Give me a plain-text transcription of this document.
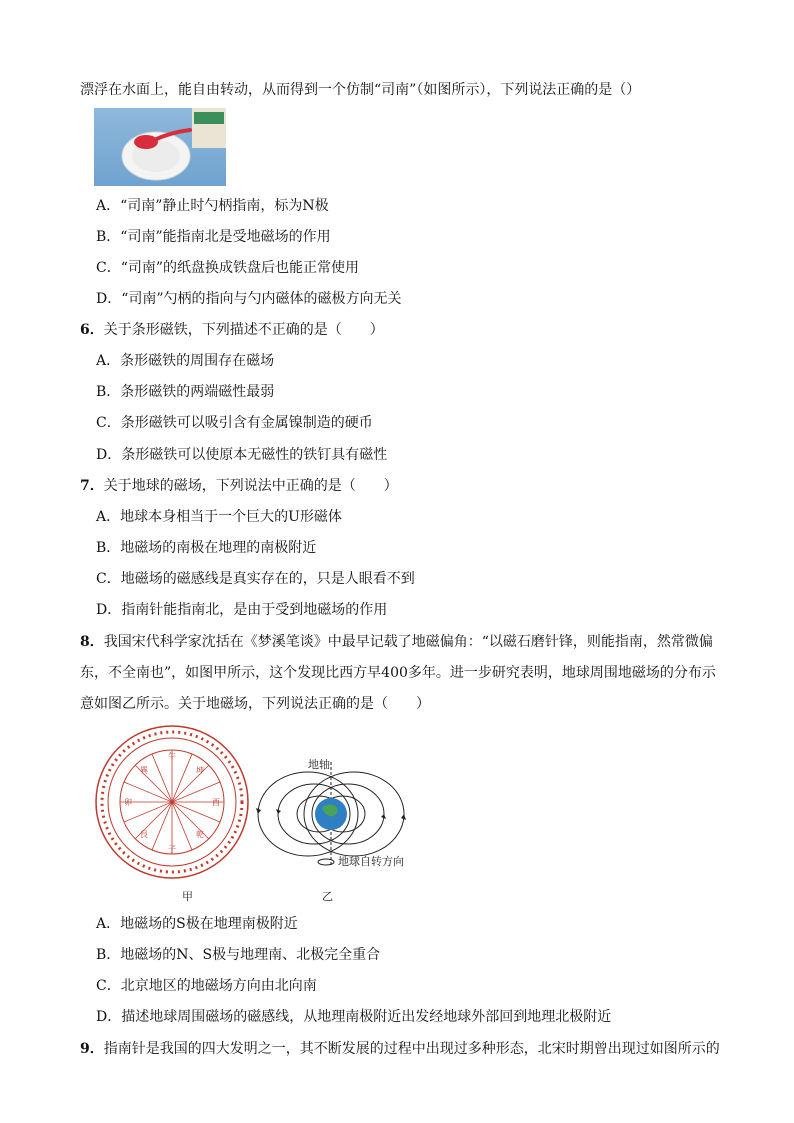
漂浮在水面上，能自由转动，从而得到一个仿制“司南”（如图所示），下列说法正确的是（）
A．“司南”静止时勺柄指南，标为N极
B．“司南”能指南北是受地磁场的作用
C．“司南”的纸盘换成铁盘后也能正常使用
D．“司南”勺柄的指向与勺内磁体的磁极方向无关
6．关于条形磁铁，下列描述不正确的是（　　）
A．条形磁铁的周围存在磁场
B．条形磁铁的两端磁性最弱
C．条形磁铁可以吸引含有金属镍制造的硬币
D．条形磁铁可以使原本无磁性的铁钉具有磁性
7．关于地球的磁场，下列说法中正确的是（　　）
A．地球本身相当于一个巨大的U形磁体
B．地磁场的南极在地理的南极附近
C．地磁场的磁感线是真实存在的，只是人眼看不到
D．指南针能指南北，是由于受到地磁场的作用
8．我国宋代科学家沈括在《梦溪笔谈》中最早记载了地磁偏角：“以磁石磨针锋，则能指南，然常微偏
东，不全南也”，如图甲所示，这个发现比西方早400多年。进一步研究表明，地球周围地磁场的分布示
意如图乙所示。关于地磁场，下列说法正确的是（　　）
午
子
卯	酉
巽	坤
艮	乾
甲
地轴
地球自转方向
乙
A．地磁场的S极在地理南极附近
B．地磁场的N、S极与地理南、北极完全重合
C．北京地区的地磁场方向由北向南
D．描述地球周围磁场的磁感线，从地理南极附近出发经地球外部回到地理北极附近
9．指南针是我国的四大发明之一，其不断发展的过程中出现过多种形态，北宋时期曾出现过如图所示的
